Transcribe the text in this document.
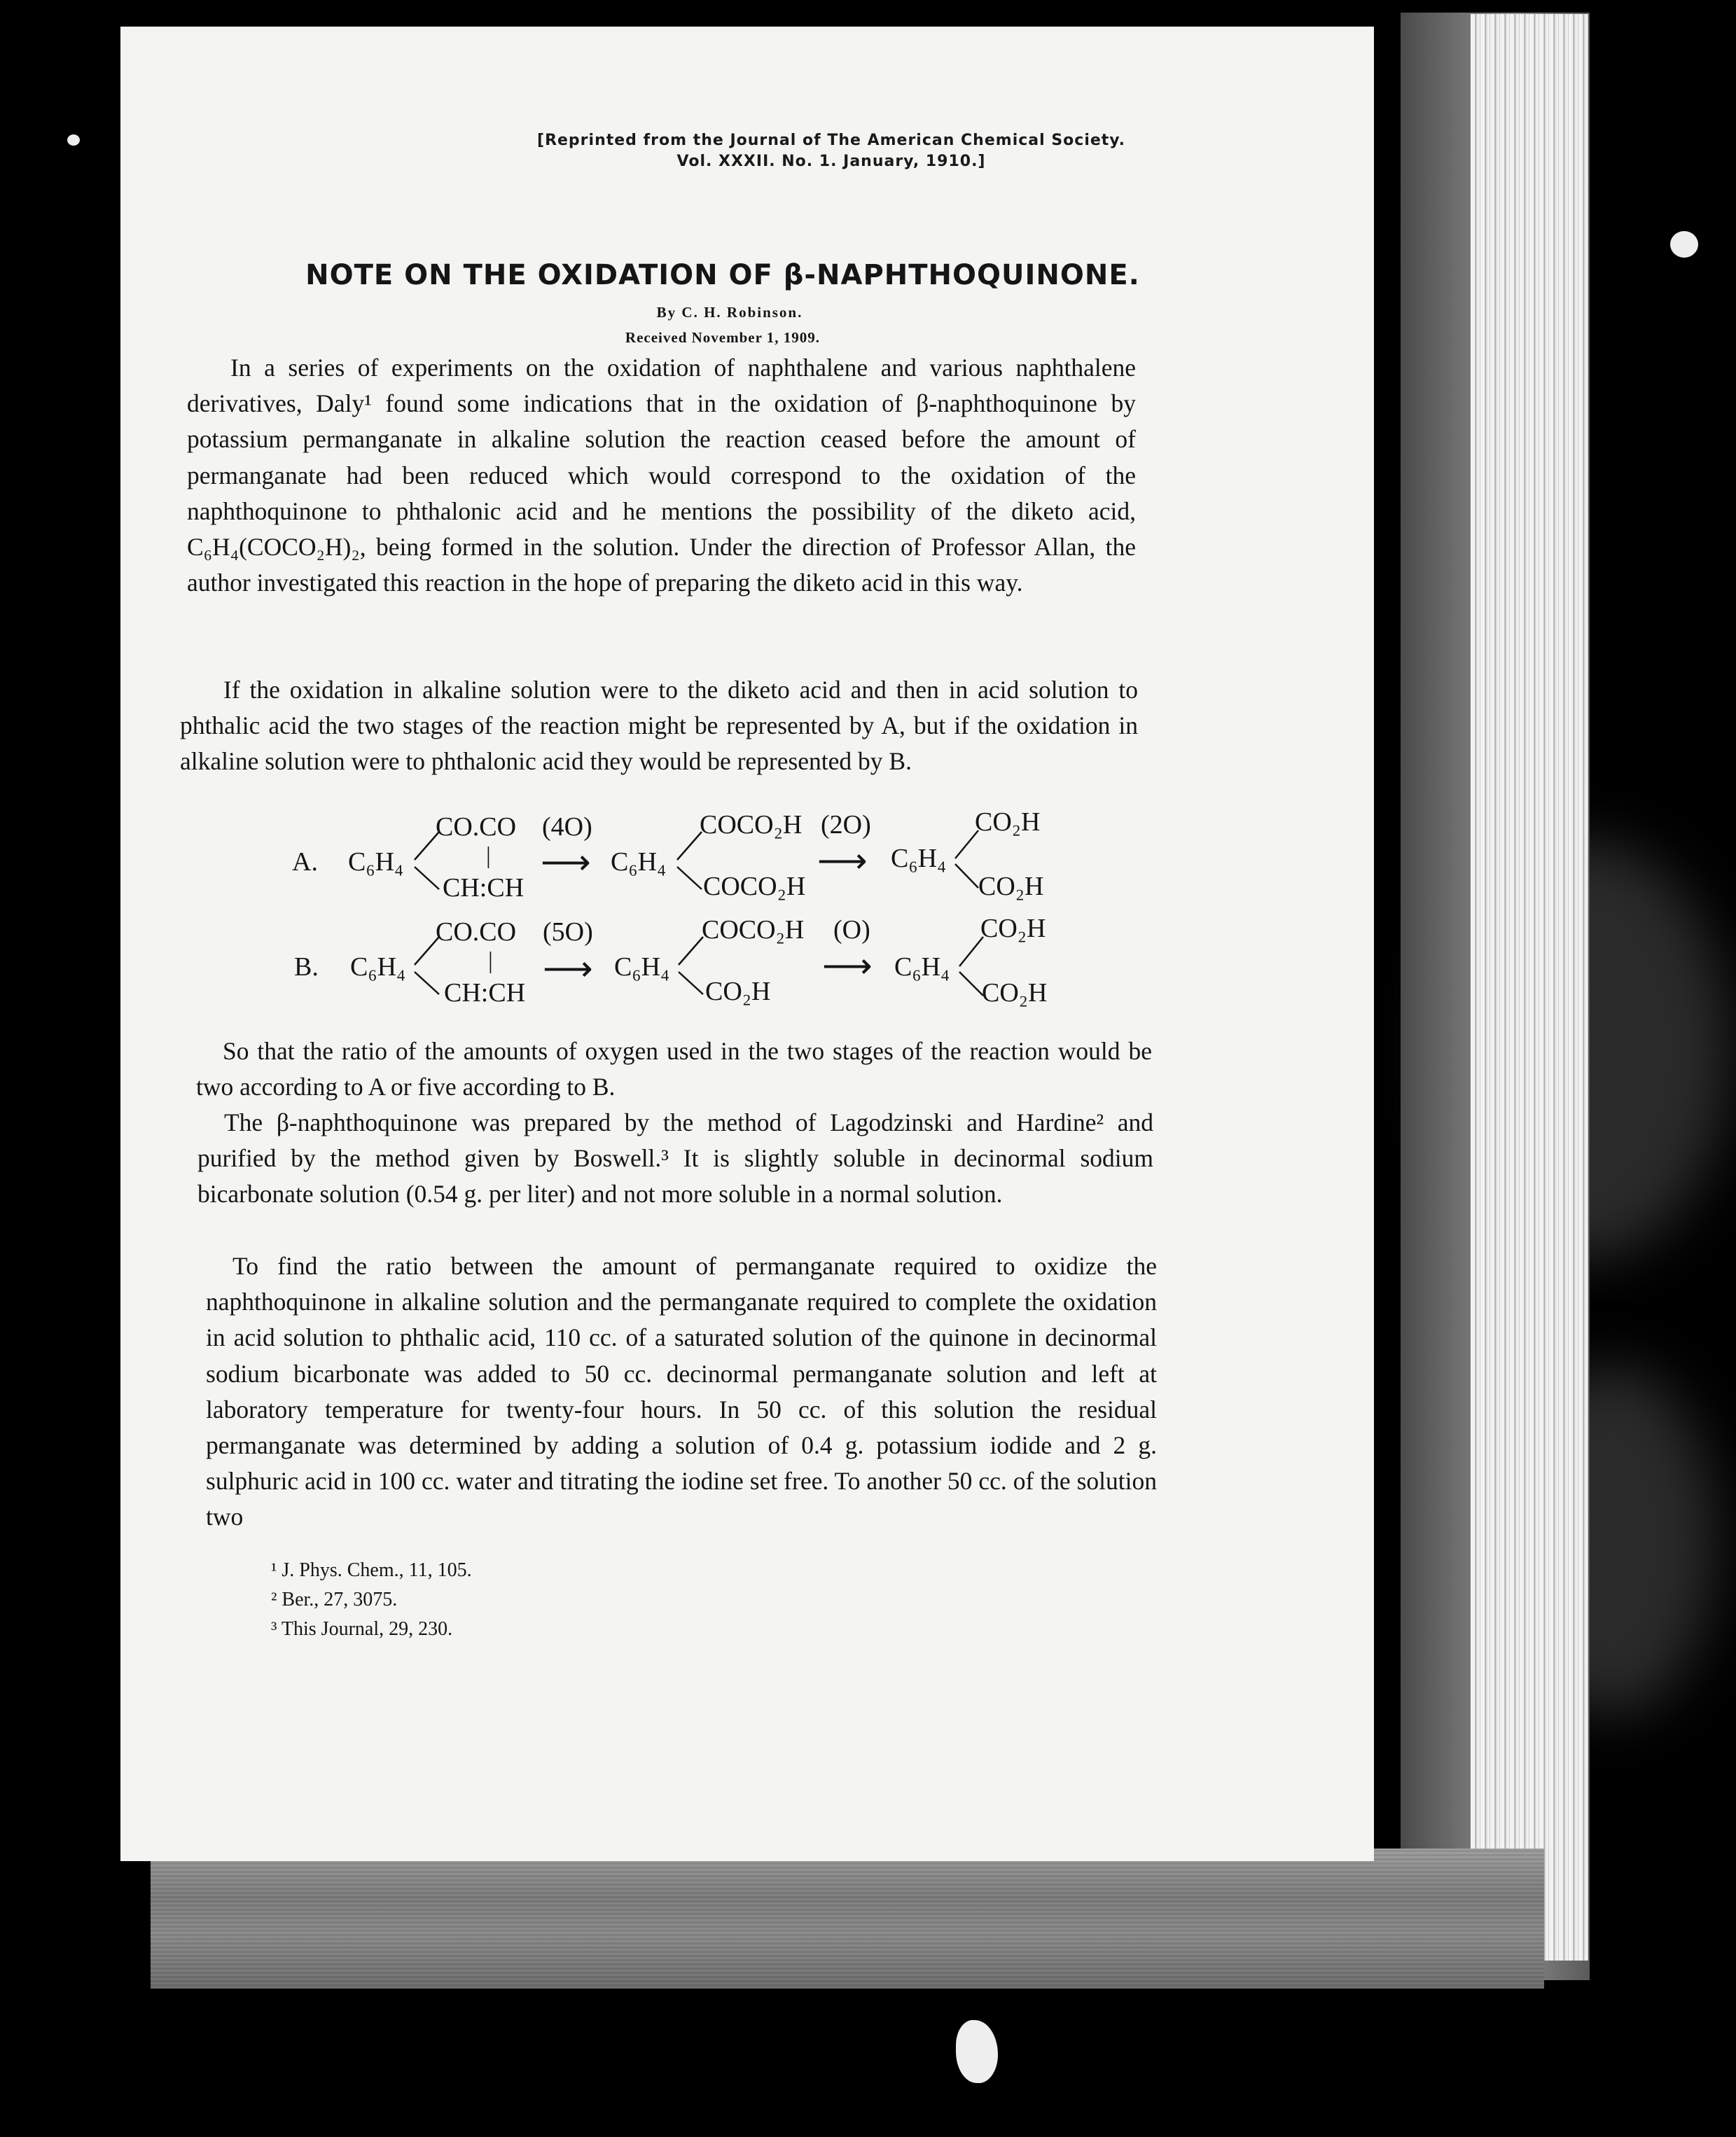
[Reprinted from the Journal of The American Chemical Society.
Vol. XXXII. No. 1. January, 1910.]
NOTE ON THE OXIDATION OF β-NAPHTHOQUINONE.
By C. H. Robinson.
Received November 1, 1909.
In a series of experiments on the oxidation of naphthalene and various naphthalene derivatives, Daly¹ found some indications that in the oxidation of β-naphthoquinone by potassium permanganate in alkaline solution the reaction ceased before the amount of permanganate had been reduced which would correspond to the oxidation of the naphthoquinone to phthalonic acid and he mentions the possibility of the diketo acid, C₆H₄(COCO₂H)₂, being formed in the solution. Under the direction of Professor Allan, the author investigated this reaction in the hope of preparing the diketo acid in this way.
If the oxidation in alkaline solution were to the diketo acid and then in acid solution to phthalic acid the two stages of the reaction might be represented by A, but if the oxidation in alkaline solution were to phthalonic acid they would be represented by B.
A. C₆H₄
CO.CO
|
CH:CH
(4O)
⟶ C₆H₄
COCO₂H
COCO₂H
(2O)
⟶ C₆H₄
CO₂H
CO₂H
B. C₆H₄
CO.CO
|
CH:CH
(5O)
⟶ C₆H₄
COCO₂H
CO₂H
(O)
⟶ C₆H₄
CO₂H
CO₂H
So that the ratio of the amounts of oxygen used in the two stages of the reaction would be two according to A or five according to B.
The β-naphthoquinone was prepared by the method of Lagodzinski and Hardine² and purified by the method given by Boswell.³ It is slightly soluble in decinormal sodium bicarbonate solution (0.54 g. per liter) and not more soluble in a normal solution.
To find the ratio between the amount of permanganate required to oxidize the naphthoquinone in alkaline solution and the permanganate required to complete the oxidation in acid solution to phthalic acid, 110 cc. of a saturated solution of the quinone in decinormal sodium bicarbonate was added to 50 cc. decinormal permanganate solution and left at laboratory temperature for twenty-four hours. In 50 cc. of this solution the residual permanganate was determined by adding a solution of 0.4 g. potassium iodide and 2 g. sulphuric acid in 100 cc. water and titrating the iodine set free. To another 50 cc. of the solution two
¹ J. Phys. Chem., 11, 105.
² Ber., 27, 3075.
³ This Journal, 29, 230.
